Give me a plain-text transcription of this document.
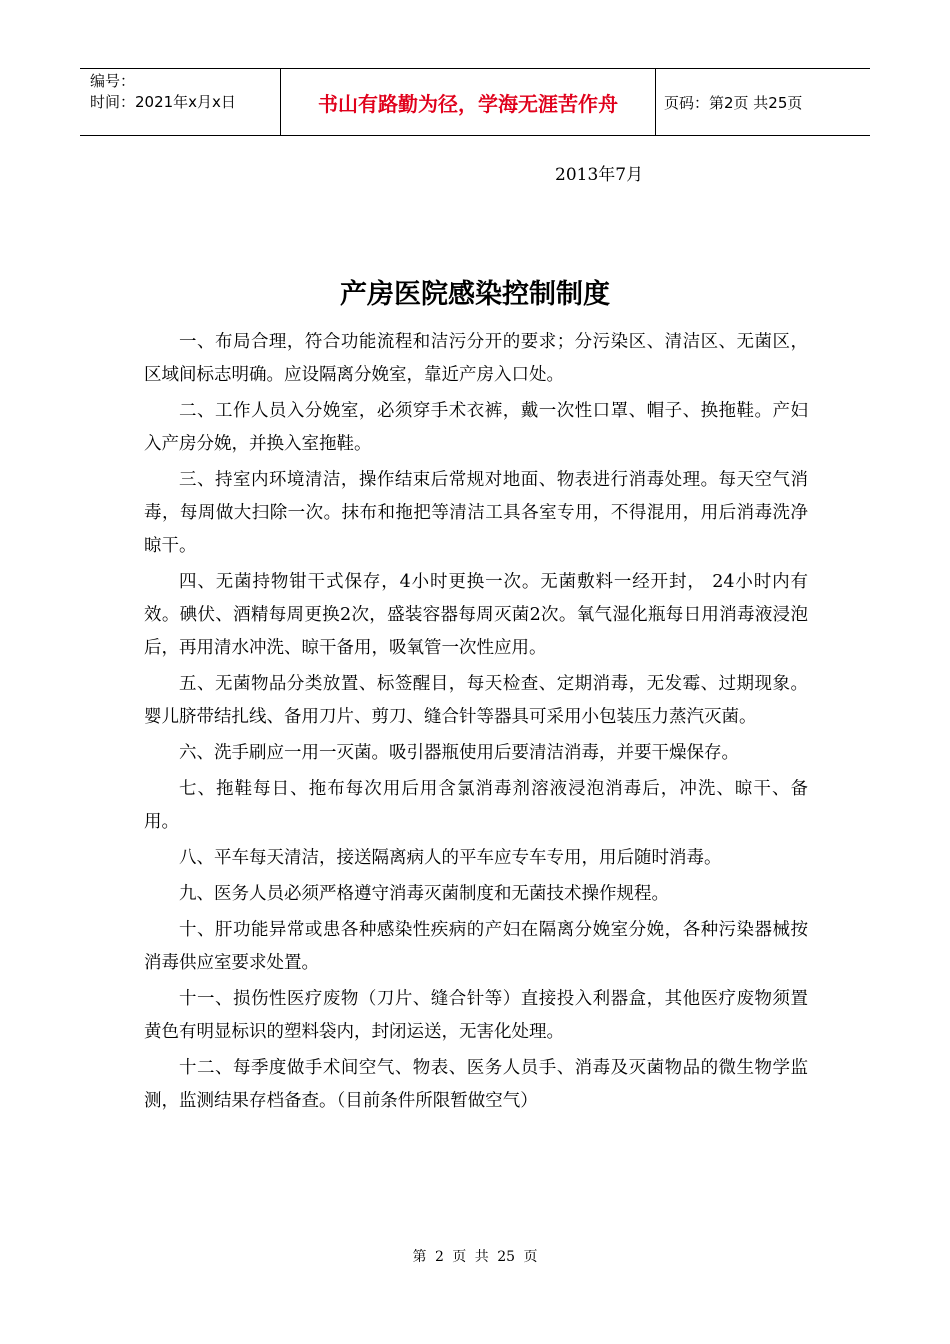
编号：
时间：2021年x月x日	书山有路勤为径，学海无涯苦作舟	页码：第2页 共25页
2013年7月
产房医院感染控制制度

一、布局合理，符合功能流程和洁污分开的要求；分污染区、清洁区、无菌区，区域间标志明确。应设隔离分娩室，靠近产房入口处。

二、工作人员入分娩室，必须穿手术衣裤，戴一次性口罩、帽子、换拖鞋。产妇入产房分娩，并换入室拖鞋。

三、持室内环境清洁，操作结束后常规对地面、物表进行消毒处理。每天空气消毒，每周做大扫除一次。抹布和拖把等清洁工具各室专用，不得混用，用后消毒洗净晾干。

四、无菌持物钳干式保存，4小时更换一次。无菌敷料一经开封， 24小时内有效。碘伏、酒精每周更换2次，盛装容器每周灭菌2次。氧气湿化瓶每日用消毒液浸泡后，再用清水冲洗、晾干备用，吸氧管一次性应用。

五、无菌物品分类放置、标签醒目，每天检查、定期消毒，无发霉、过期现象。婴儿脐带结扎线、备用刀片、剪刀、缝合针等器具可采用小包装压力蒸汽灭菌。

六、洗手刷应一用一灭菌。吸引器瓶使用后要清洁消毒，并要干燥保存。

七、拖鞋每日、拖布每次用后用含氯消毒剂溶液浸泡消毒后，冲洗、晾干、备用。

八、平车每天清洁，接送隔离病人的平车应专车专用，用后随时消毒。

九、医务人员必须严格遵守消毒灭菌制度和无菌技术操作规程。

十、肝功能异常或患各种感染性疾病的产妇在隔离分娩室分娩，各种污染器械按消毒供应室要求处置。

十一、损伤性医疗废物（刀片、缝合针等）直接投入利器盒，其他医疗废物须置黄色有明显标识的塑料袋内，封闭运送，无害化处理。

十二、每季度做手术间空气、物表、医务人员手、消毒及灭菌物品的微生物学监测，监测结果存档备查。（目前条件所限暂做空气）

第 2 页 共 25 页
